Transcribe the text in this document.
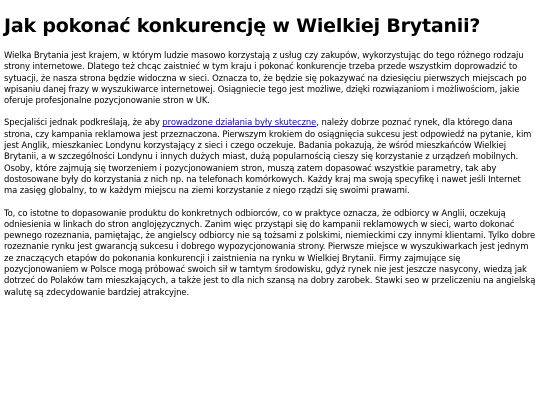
Jak pokonać konkurencję w Wielkiej Brytanii?

Wielka Brytania jest krajem, w którym ludzie masowo korzystają z usług czy zakupów, wykorzystując do tego różnego rodzaju strony internetowe. Dlatego też chcąc zaistnieć w tym kraju i pokonać konkurencje trzeba przede wszystkim doprowadzić to sytuacji, że nasza strona będzie widoczna w sieci. Oznacza to, że będzie się pokazywać na dziesięciu pierwszych miejscach po wpisaniu danej frazy w wyszukiwarce internetowej. Osiągniecie tego jest możliwe, dzięki rozwiązaniom i możliwościom, jakie oferuje profesjonalne pozycjonowanie stron w UK.

Specjaliści jednak podkreślają, że aby prowadzone działania były skuteczne, należy dobrze poznać rynek, dla którego dana strona, czy kampania reklamowa jest przeznaczona. Pierwszym krokiem do osiągnięcia sukcesu jest odpowiedź na pytanie, kim jest Anglik, mieszkaniec Londynu korzystający z sieci i czego oczekuje. Badania pokazują, że wśród mieszkańców Wielkiej Brytanii, a w szczególności Londynu i innych dużych miast, dużą popularnością cieszy się korzystanie z urządzeń mobilnych. Osoby, które zajmują się tworzeniem i pozycjonowaniem stron, muszą zatem dopasować wszystkie parametry, tak aby dostosowane były do korzystania z nich np. na telefonach komórkowych. Każdy kraj ma swoją specyfikę i nawet jeśli Internet ma zasięg globalny, to w każdym miejscu na ziemi korzystanie z niego rządzi się swoimi prawami.

To, co istotne to dopasowanie produktu do konkretnych odbiorców, co w praktyce oznacza, że odbiorcy w Anglii, oczekują odniesienia w linkach do stron anglojęzycznych. Zanim więc przystąpi się do kampanii reklamowych w sieci, warto dokonać pewnego rozeznania, pamiętając, że angielscy odbiorcy nie są tożsami z polskimi, niemieckimi czy innymi klientami. Tylko dobre rozeznanie rynku jest gwarancją sukcesu i dobrego wypozycjonowania strony. Pierwsze miejsce w wyszukiwarkach jest jednym ze znaczących etapów do pokonania konkurencji i zaistnienia na rynku w Wielkiej Brytanii. Firmy zajmujące się pozycjonowaniem w Polsce mogą próbować swoich sił w tamtym środowisku, gdyż rynek nie jest jeszcze nasycony, wiedzą jak dotrzeć do Polaków tam mieszkających, a także jest to dla nich szansą na dobry zarobek. Stawki seo w przeliczeniu na angielską walutę są zdecydowanie bardziej atrakcyjne.
